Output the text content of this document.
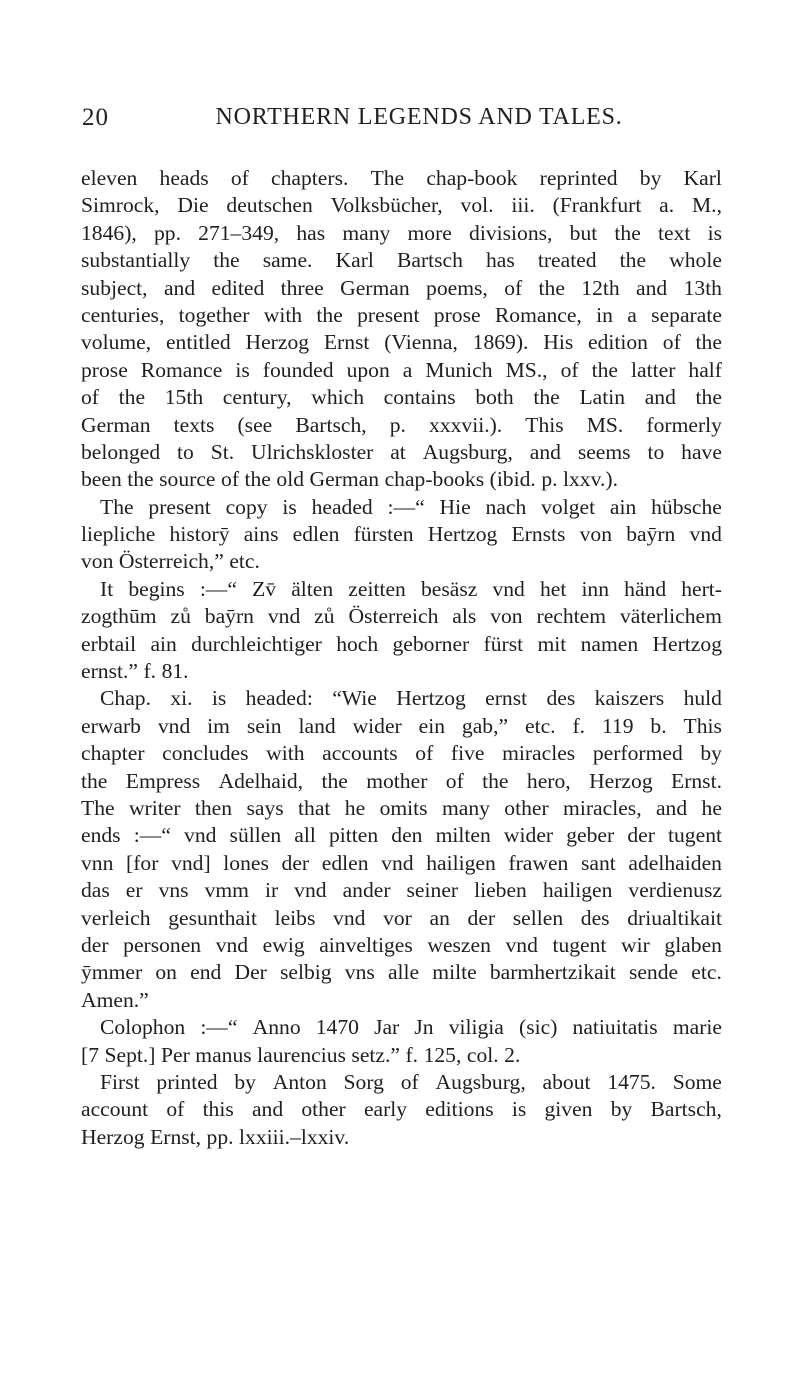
20	NORTHERN LEGENDS AND TALES.
eleven heads of chapters. The chap-book reprinted by Karl
Simrock, Die deutschen Volksbücher, vol. iii. (Frankfurt a. M.,
1846), pp. 271–349, has many more divisions, but the text is
substantially the same. Karl Bartsch has treated the whole
subject, and edited three German poems, of the 12th and 13th
centuries, together with the present prose Romance, in a separate
volume, entitled Herzog Ernst (Vienna, 1869). His edition of the
prose Romance is founded upon a Munich MS., of the latter half
of the 15th century, which contains both the Latin and the
German texts (see Bartsch, p. xxxvii.). This MS. formerly
belonged to St. Ulrichskloster at Augsburg, and seems to have
been the source of the old German chap-books (ibid. p. lxxv.).
The present copy is headed :—“ Hie nach volget ain hübsche
liepliche historӯ ains edlen fürsten Hertzog Ernsts von baӯrn vnd
von Österreich,” etc.
It begins :—“ Zv̄ älten zeitten besäsz vnd het inn händ hert-
zogthūm zů baӯrn vnd zů Österreich als von rechtem väterlichem
erbtail ain durchleichtiger hoch geborner fürst mit namen Hertzog
ernst.” f. 81.
Chap. xi. is headed: “Wie Hertzog ernst des kaiszers huld
erwarb vnd im sein land wider ein gab,” etc. f. 119 b. This
chapter concludes with accounts of five miracles performed by
the Empress Adelhaid, the mother of the hero, Herzog Ernst.
The writer then says that he omits many other miracles, and he
ends :—“ vnd süllen all pitten den milten wider geber der tugent
vnn [for vnd] lones der edlen vnd hailigen frawen sant adelhaiden
das er vns vmm ir vnd ander seiner lieben hailigen verdienusz
verleich gesunthait leibs vnd vor an der sellen des driualtikait
der personen vnd ewig ainveltiges weszen vnd tugent wir glaben
ӯmmer on end Der selbig vns alle milte barmhertzikait sende etc.
Amen.”
Colophon :—“ Anno 1470 Jar Jn viligia (sic) natiuitatis marie
[7 Sept.] Per manus laurencius setz.” f. 125, col. 2.
First printed by Anton Sorg of Augsburg, about 1475. Some
account of this and other early editions is given by Bartsch,
Herzog Ernst, pp. lxxiii.–lxxiv.
